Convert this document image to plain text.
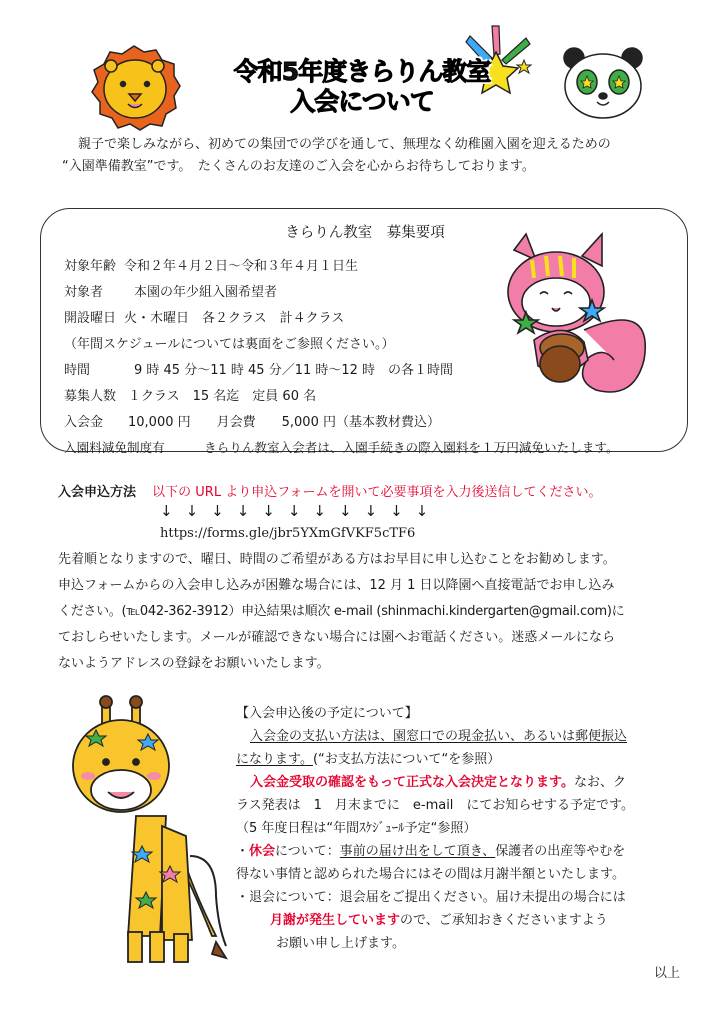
令和5年度きらりん教室
入会について
親子で楽しみながら、初めての集団での学びを通して、無理なく幼稚園入園を迎えるための
“入園準備教室”です。　たくさんのお友達のご入会を心からお待ちしております。
きらりん教室　募集要項
対象年齢 令和２年４月２日～令和３年４月１日生
対象者 本園の年少組入園希望者
開設曜日 火・木曜日　各２クラス　計４クラス
（年間スケジュールについては裏面をご参照ください。）
時間	9 時 45 分～11 時 45 分／11 時～12 時　の各１時間
募集人数 １クラス　15 名迄　定員 60 名
入会金 10,000 円　　月会費　　5,000 円（基本教材費込）
入園料減免制度有	きらりん教室入会者は、入園手続きの際入園料を１万円減免いたします。
入会申込方法 以下の URL より申込フォームを開いて必要事項を入力後送信してください。
↓↓↓↓↓↓↓↓↓↓↓
https://forms.gle/jbr5YXmGfVKF5cTF6
先着順となりますので、曜日、時間のご希望がある方はお早目に申し込むことをお勧めします。
申込フォームからの入会申し込みが困難な場合には、12 月 1 日以降園へ直接電話でお申し込み
ください。(℡042-362-3912）申込結果は順次 e-mail (shinmachi.kindergarten@gmail.com)に
ておしらせいたします。メールが確認できない場合には園へお電話ください。迷惑メールになら
ないようアドレスの登録をお願いいたします。
【入会申込後の予定について】
入会金の支払い方法は、園窓口での現金払い、あるいは郵便振込
になります。(“お支払方法について“を参照）
入会金受取の確認をもって正式な入会決定となります。なお、ク
ラス発表は　1　月末までに　e-mail　にてお知らせする予定です。
（5 年度日程は“年間ｽｹｼﾞｭｰﾙ予定“参照）
・休会について：事前の届け出をして頂き、保護者の出産等やむを
得ない事情と認められた場合にはその間は月謝半額といたします。
・退会について：退会届をご提出ください。届け未提出の場合には
月謝が発生していますので、ご承知おきくださいますよう
お願い申し上げます。
以上
